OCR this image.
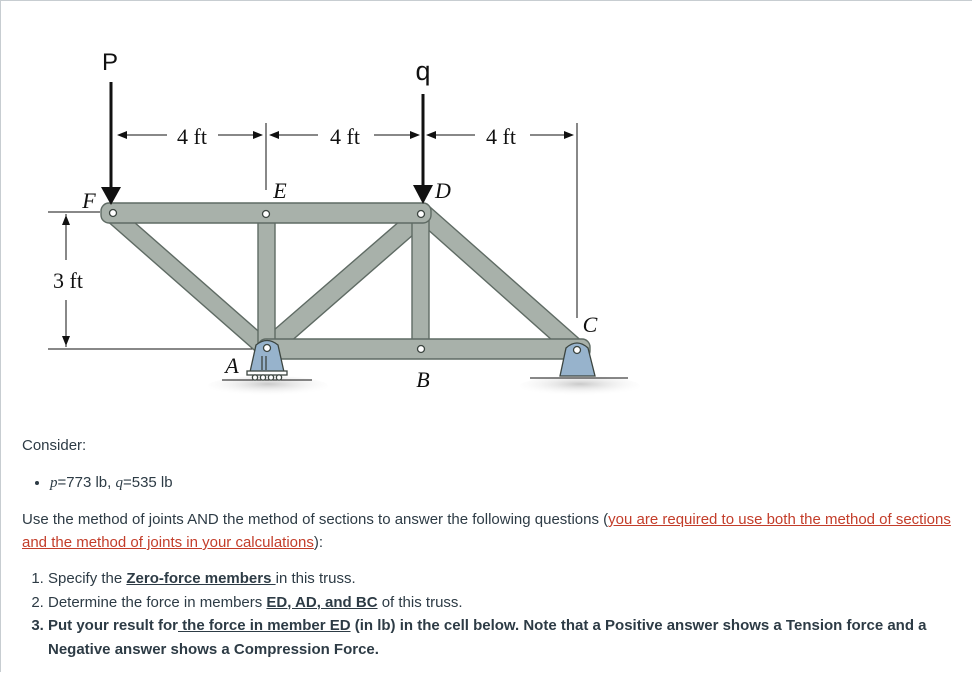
P	q
4 ft	4 ft	4 ft
3 ft
F	E	D
A
B
C
Consider:
• p=773 lb, q=535 lb
Use the method of joints AND the method of sections to answer the following questions (you are required to use both the method of sections and the method of joints in your calculations):
1. Specify the Zero-force members in this truss.
2. Determine the force in members ED, AD, and BC of this truss.
3. Put your result for the force in member ED (in lb) in the cell below. Note that a Positive answer shows a Tension force and a Negative answer shows a Compression Force.
